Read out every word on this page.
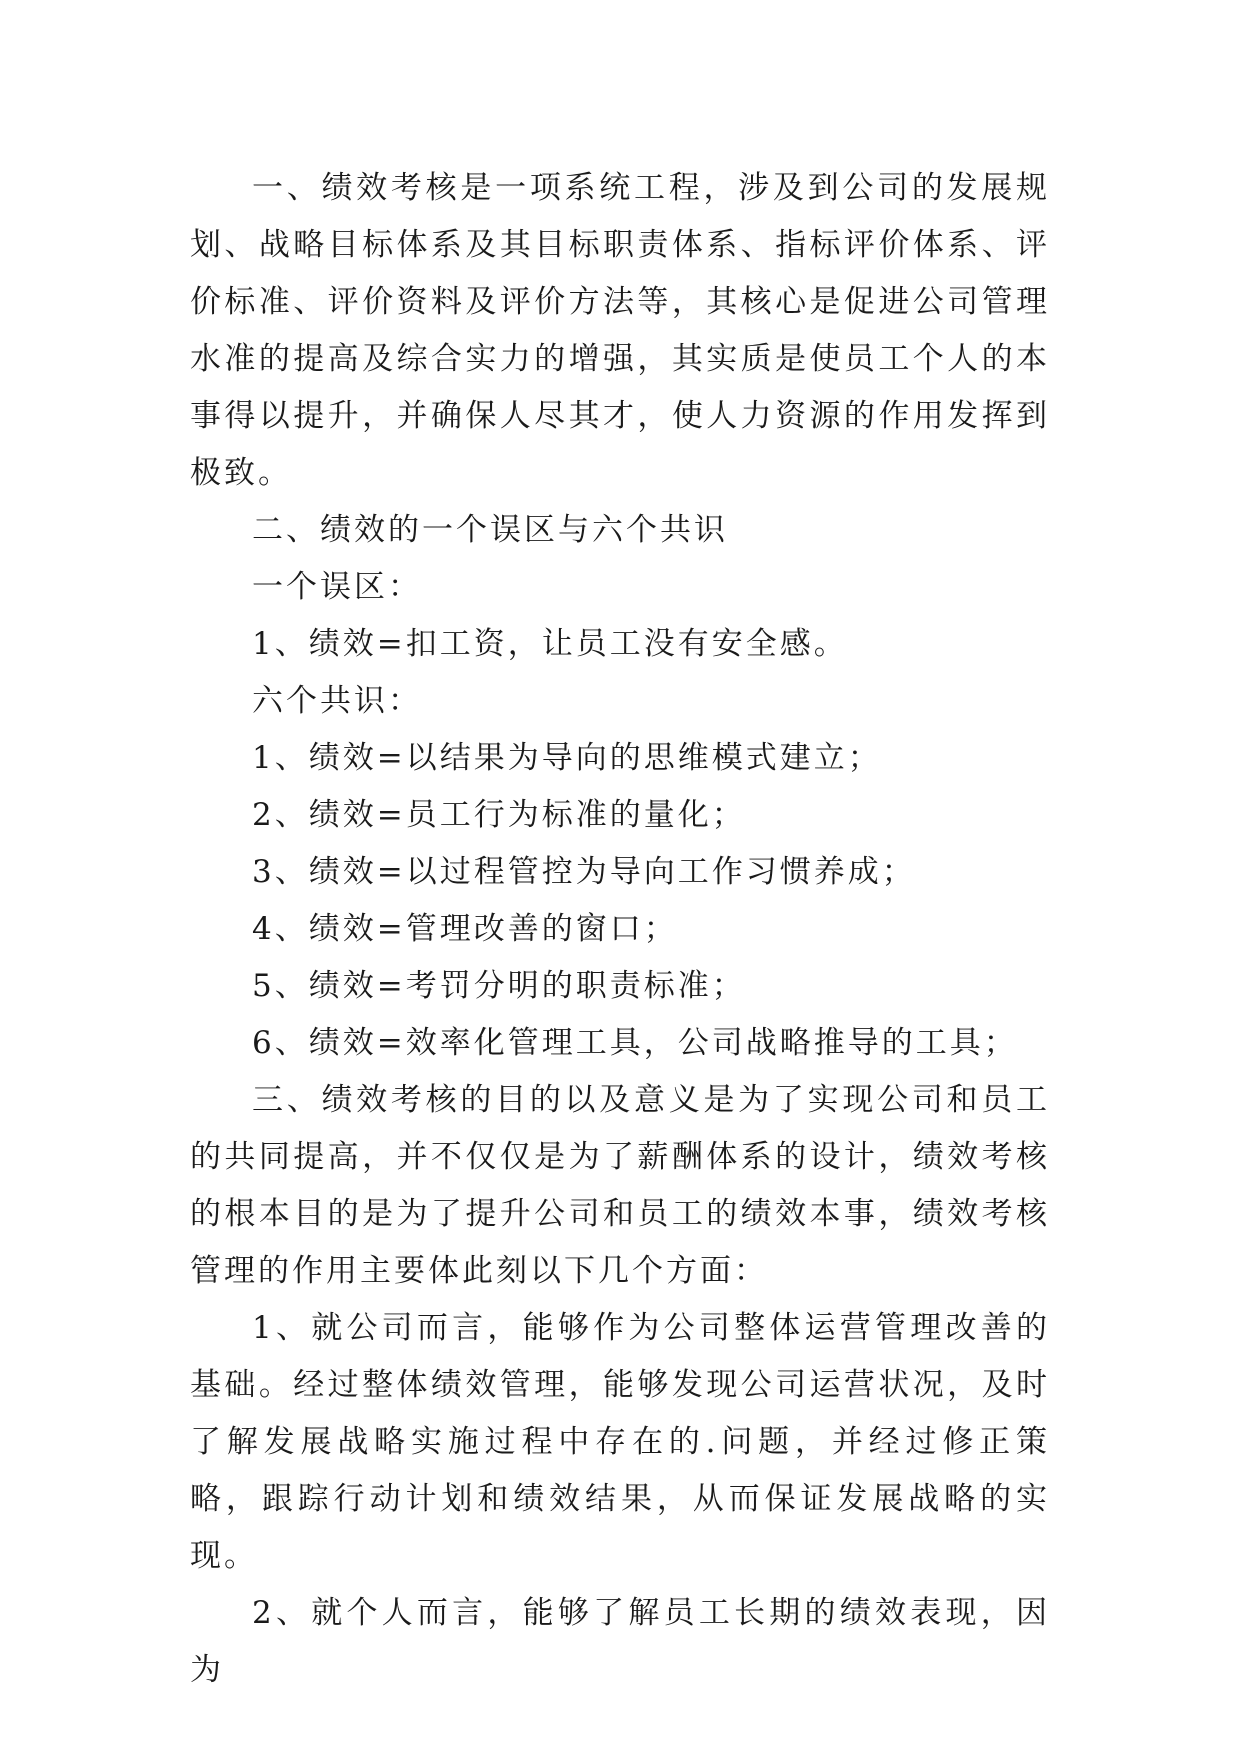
一、绩效考核是一项系统工程，涉及到公司的发展规划、战略目标体系及其目标职责体系、指标评价体系、评价标准、评价资料及评价方法等，其核心是促进公司管理水准的提高及综合实力的增强，其实质是使员工个人的本事得以提升，并确保人尽其才，使人力资源的作用发挥到极致。

二、绩效的一个误区与六个共识

一个误区：

1、绩效=扣工资，让员工没有安全感。

六个共识：

1、绩效=以结果为导向的思维模式建立；

2、绩效=员工行为标准的量化；

3、绩效=以过程管控为导向工作习惯养成；

4、绩效=管理改善的窗口；

5、绩效=考罚分明的职责标准；

6、绩效=效率化管理工具，公司战略推导的工具；

三、绩效考核的目的以及意义是为了实现公司和员工的共同提高，并不仅仅是为了薪酬体系的设计，绩效考核的根本目的是为了提升公司和员工的绩效本事，绩效考核管理的作用主要体此刻以下几个方面：

1、就公司而言，能够作为公司整体运营管理改善的基础。经过整体绩效管理，能够发现公司运营状况，及时了解发展战略实施过程中存在的.问题，并经过修正策略，跟踪行动计划和绩效结果，从而保证发展战略的实现。

2、就个人而言，能够了解员工长期的绩效表现，因为
